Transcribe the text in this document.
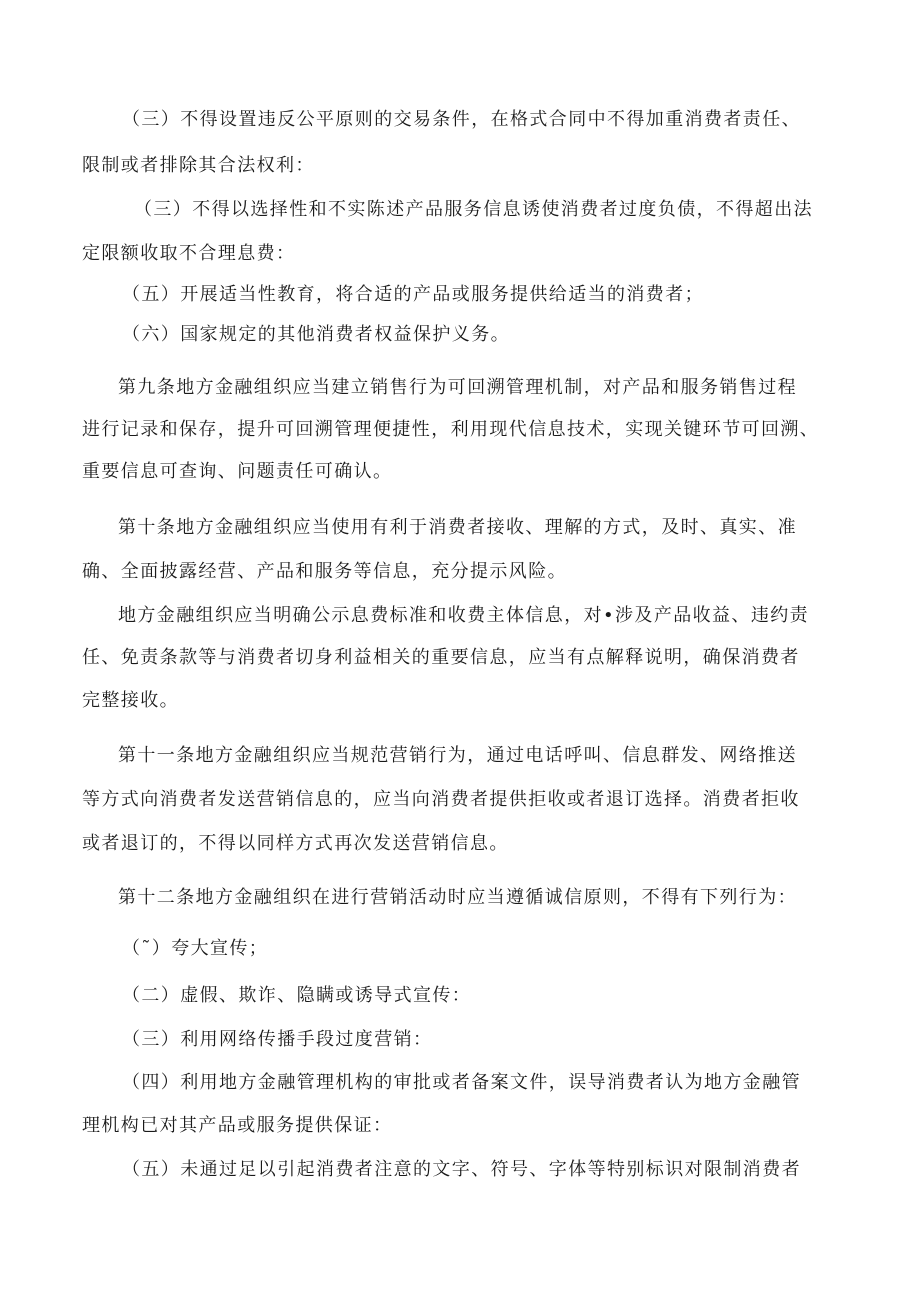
（三）不得设置违反公平原则的交易条件，在格式合同中不得加重消费者责任、
限制或者排除其合法权利：
（三）不得以选择性和不实陈述产品服务信息诱使消费者过度负债，不得超出法
定限额收取不合理息费：
（五）开展适当性教育，将合适的产品或服务提供给适当的消费者；
（六）国家规定的其他消费者权益保护义务。
第九条地方金融组织应当建立销售行为可回溯管理机制，对产品和服务销售过程
进行记录和保存，提升可回溯管理便捷性，利用现代信息技术，实现关键环节可回溯、
重要信息可查询、问题责任可确认。
第十条地方金融组织应当使用有利于消费者接收、理解的方式，及时、真实、准
确、全面披露经营、产品和服务等信息，充分提示风险。
地方金融组织应当明确公示息费标准和收费主体信息，对•涉及产品收益、违约责
任、免责条款等与消费者切身利益相关的重要信息，应当有点解释说明，确保消费者
完整接收。
第十一条地方金融组织应当规范营销行为，通过电话呼叫、信息群发、网络推送
等方式向消费者发送营销信息的，应当向消费者提供拒收或者退订选择。消费者拒收
或者退订的，不得以同样方式再次发送营销信息。
第十二条地方金融组织在进行营销活动时应当遵循诚信原则，不得有下列行为：
（˜）夸大宣传；
（二）虚假、欺诈、隐瞒或诱导式宣传：
（三）利用网络传播手段过度营销：
（四）利用地方金融管理机构的审批或者备案文件，误导消费者认为地方金融管
理机构已对其产品或服务提供保证：
（五）未通过足以引起消费者注意的文字、符号、字体等特别标识对限制消费者
